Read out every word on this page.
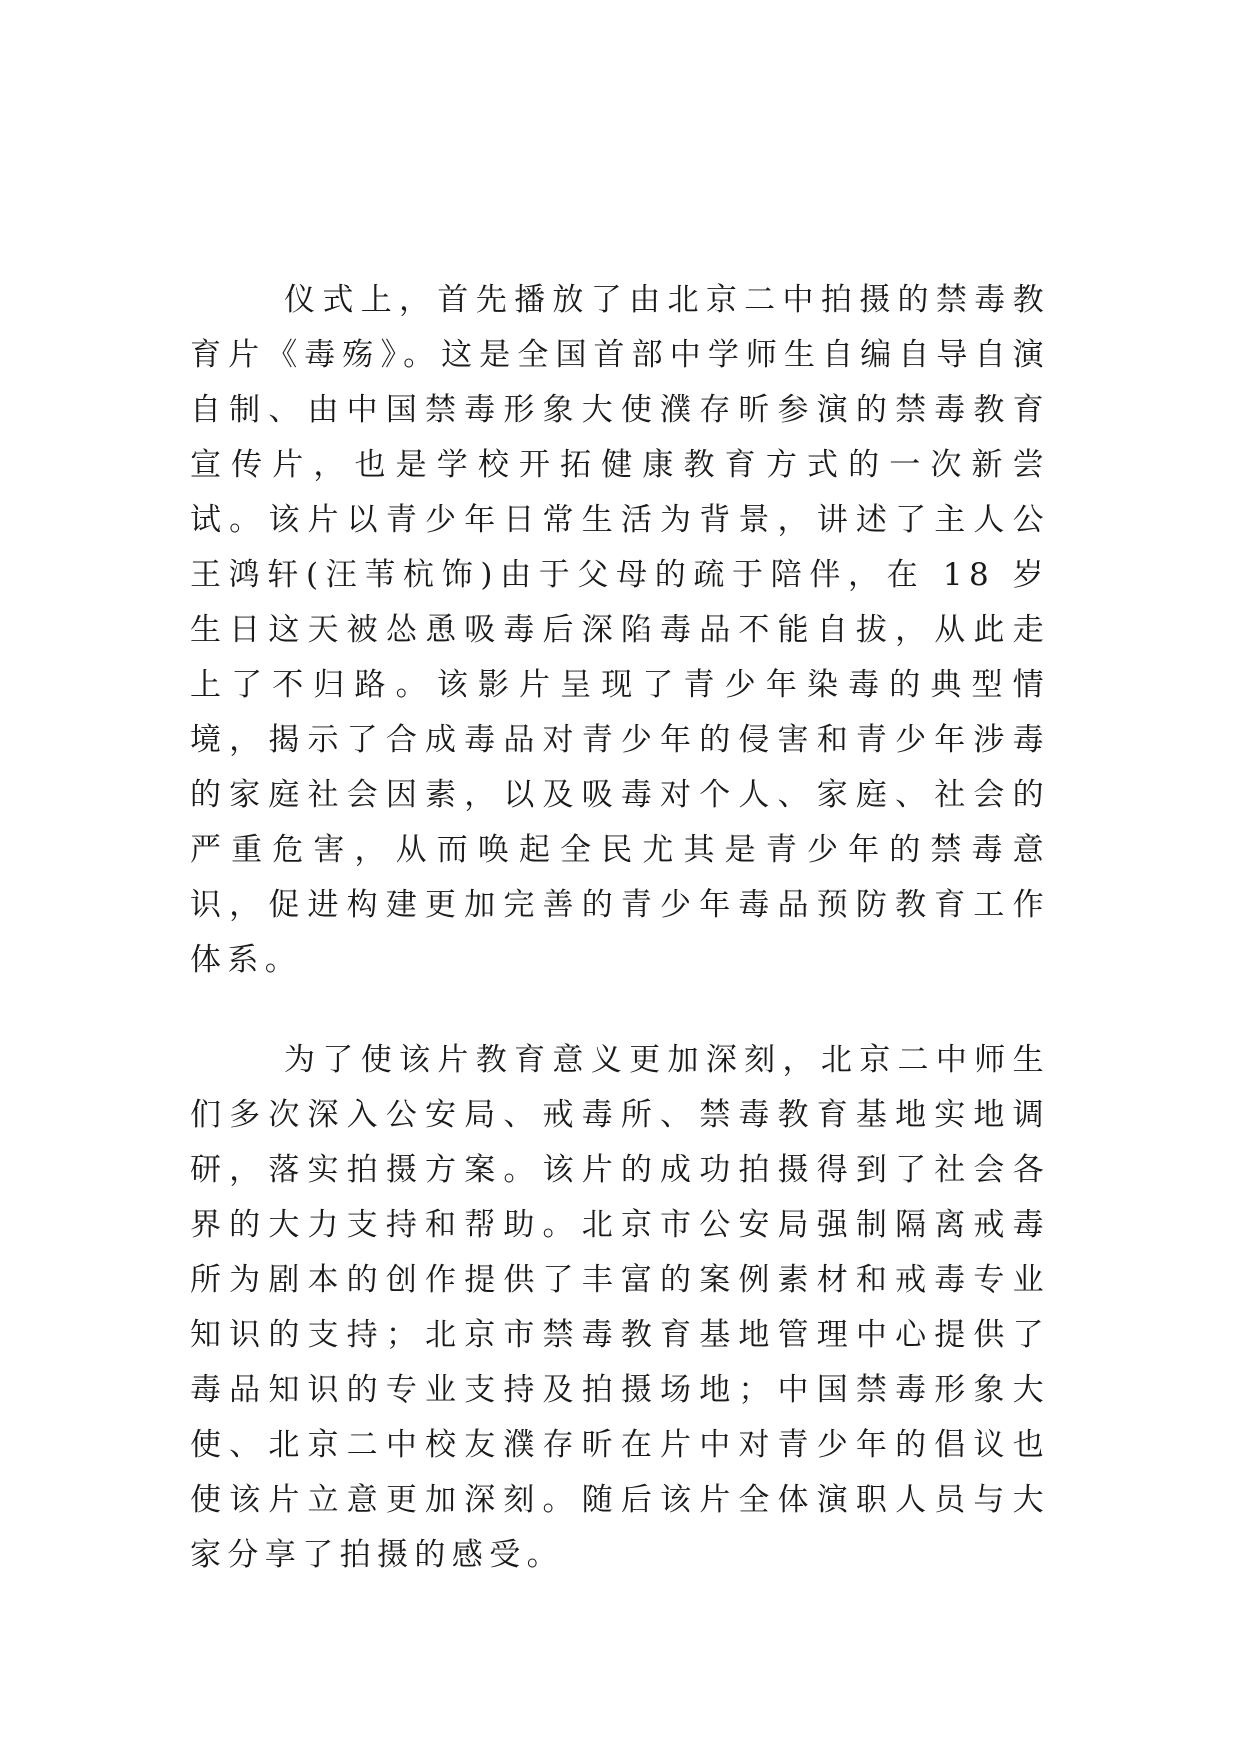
仪式上，首先播放了由北京二中拍摄的禁毒教育片《毒殇》。这是全国首部中学师生自编自导自演自制、由中国禁毒形象大使濮存昕参演的禁毒教育宣传片，也是学校开拓健康教育方式的一次新尝试。该片以青少年日常生活为背景，讲述了主人公王鸿轩(汪苇杭饰)由于父母的疏于陪伴，在 18 岁生日这天被怂恿吸毒后深陷毒品不能自拔，从此走上了不归路。该影片呈现了青少年染毒的典型情境，揭示了合成毒品对青少年的侵害和青少年涉毒的家庭社会因素，以及吸毒对个人、家庭、社会的严重危害，从而唤起全民尤其是青少年的禁毒意识，促进构建更加完善的青少年毒品预防教育工作体系。

为了使该片教育意义更加深刻，北京二中师生们多次深入公安局、戒毒所、禁毒教育基地实地调研，落实拍摄方案。该片的成功拍摄得到了社会各界的大力支持和帮助。北京市公安局强制隔离戒毒所为剧本的创作提供了丰富的案例素材和戒毒专业知识的支持；北京市禁毒教育基地管理中心提供了毒品知识的专业支持及拍摄场地；中国禁毒形象大使、北京二中校友濮存昕在片中对青少年的倡议也使该片立意更加深刻。随后该片全体演职人员与大家分享了拍摄的感受。
